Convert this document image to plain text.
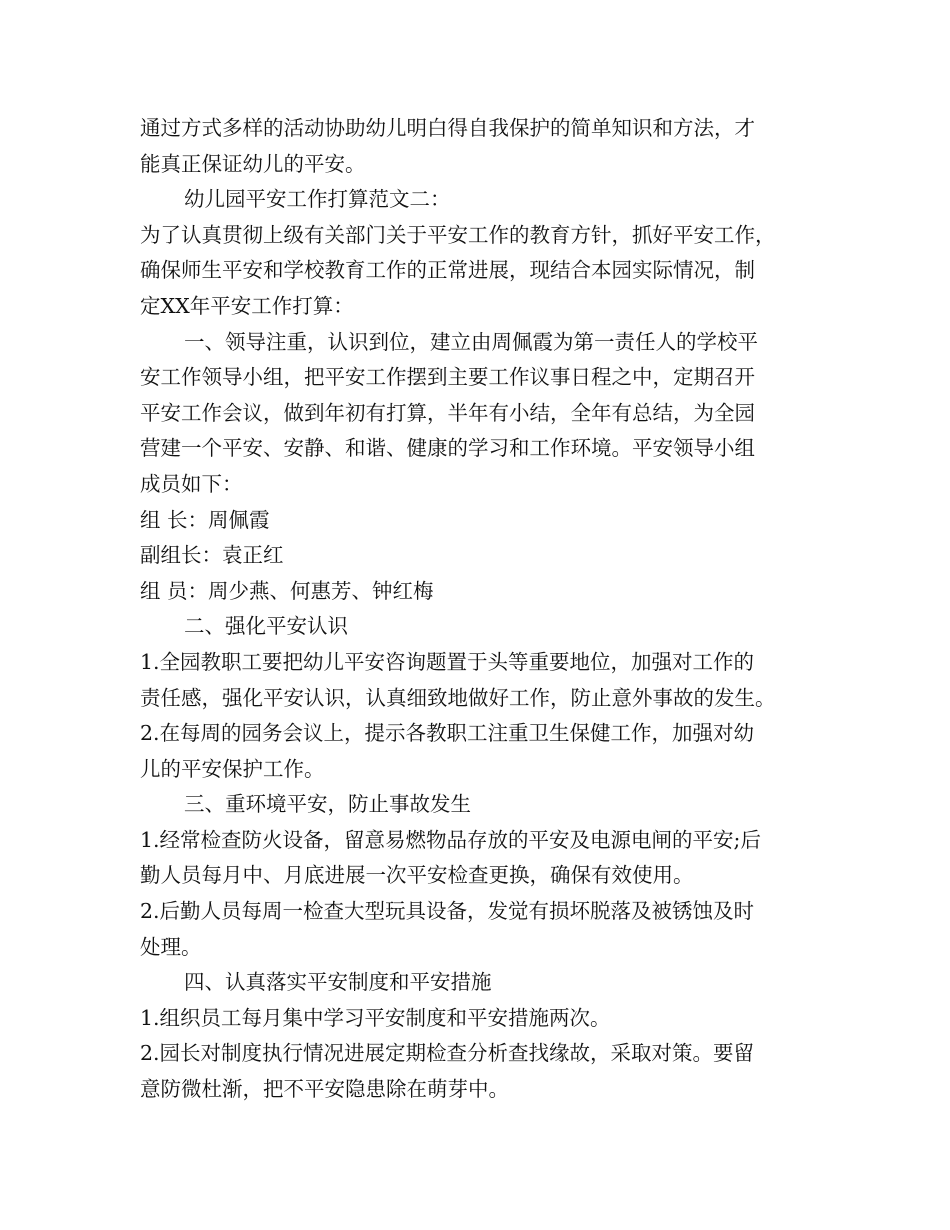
通过方式多样的活动协助幼儿明白得自我保护的简单知识和方法，才
能真正保证幼儿的平安。
幼儿园平安工作打算范文二：
为了认真贯彻上级有关部门关于平安工作的教育方针，抓好平安工作，
确保师生平安和学校教育工作的正常进展，现结合本园实际情况，制
定XX年平安工作打算：
一、领导注重，认识到位，建立由周佩霞为第一责任人的学校平
安工作领导小组，把平安工作摆到主要工作议事日程之中，定期召开
平安工作会议，做到年初有打算，半年有小结，全年有总结，为全园
营建一个平安、安静、和谐、健康的学习和工作环境。平安领导小组
成员如下：
组 长：周佩霞
副组长：袁正红
组 员：周少燕、何惠芳、钟红梅
二、强化平安认识
1.全园教职工要把幼儿平安咨询题置于头等重要地位，加强对工作的
责任感，强化平安认识，认真细致地做好工作，防止意外事故的发生。
2.在每周的园务会议上，提示各教职工注重卫生保健工作，加强对幼
儿的平安保护工作。
三、重环境平安，防止事故发生
1.经常检查防火设备，留意易燃物品存放的平安及电源电闸的平安;后
勤人员每月中、月底进展一次平安检查更换，确保有效使用。
2.后勤人员每周一检查大型玩具设备，发觉有损坏脱落及被锈蚀及时
处理。
四、认真落实平安制度和平安措施
1.组织员工每月集中学习平安制度和平安措施两次。
2.园长对制度执行情况进展定期检查分析查找缘故，采取对策。要留
意防微杜渐，把不平安隐患除在萌芽中。
